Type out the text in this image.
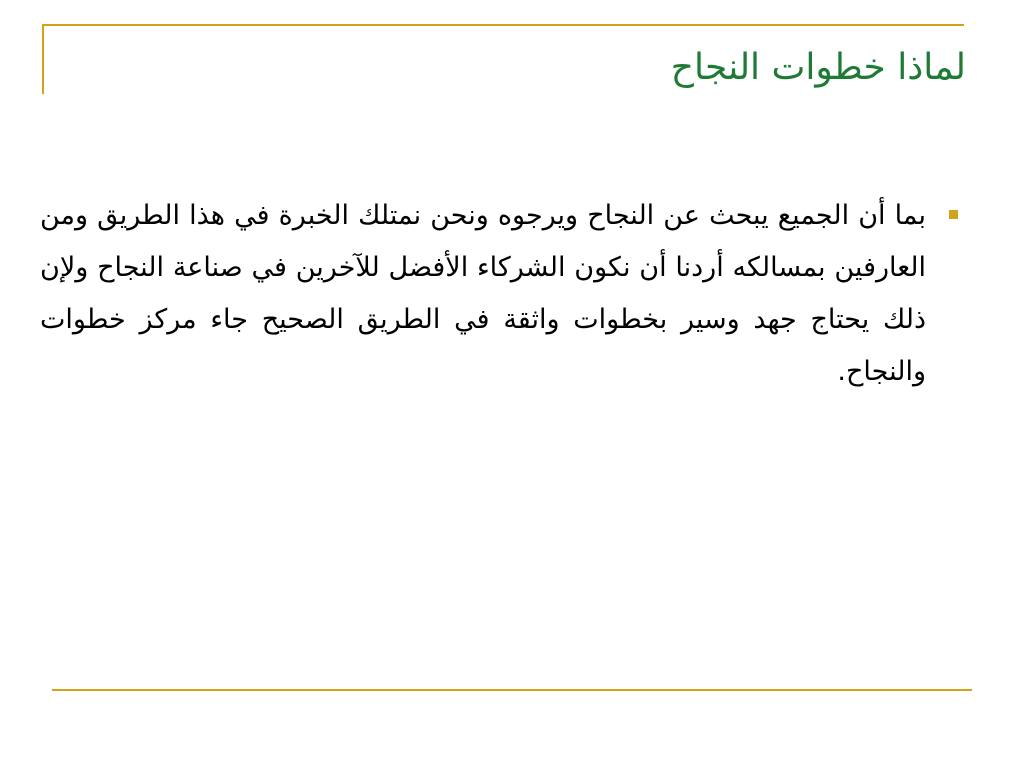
لماذا خطوات النجاح
بما أن الجميع يبحث عن النجاح ويرجوه ونحن نمتلك الخبرة في هذا الطريق ومن العارفين بمسالكه أردنا أن نكون الشركاء الأفضل للآخرين في صناعة النجاح ولإن ذلك يحتاج جهد وسير بخطوات واثقة في الطريق الصحيح جاء مركز خطوات والنجاح.
